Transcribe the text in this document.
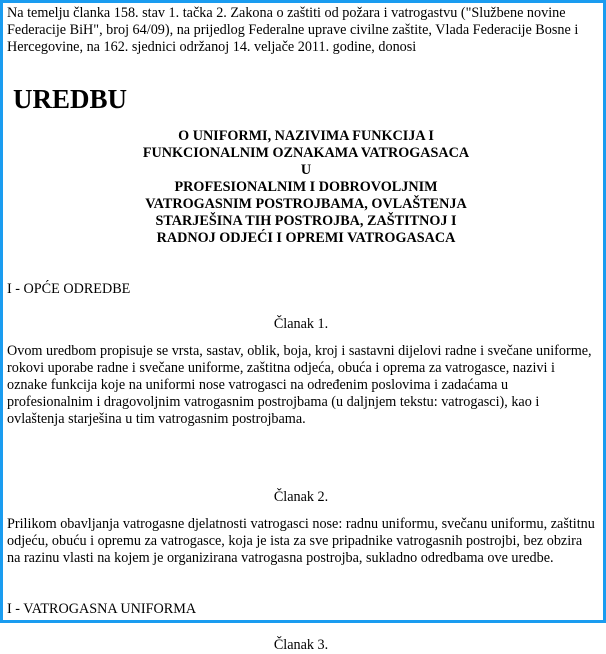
Na temelju članka 158. stav 1. tačka 2. Zakona o zaštiti od požara i vatrogastvu ("Službene novine Federacije BiH", broj 64/09), na prijedlog Federalne uprave civilne zaštite, Vlada Federacije Bosne i Hercegovine, na 162. sjednici održanoj 14. veljače 2011. godine, donosi

UREDBU
O UNIFORMI, NAZIVIMA FUNKCIJA I
FUNKCIONALNIM OZNAKAMA VATROGASACA U
PROFESIONALNIM I DOBROVOLJNIM
VATROGASNIM POSTROJBAMA, OVLAŠTENJA
STARJEŠINA TIH POSTROJBA, ZAŠTITNOJ I
RADNOJ ODJEĆI I OPREMI VATROGASACA

I - OPĆE ODREDBE

Članak 1.

Ovom uredbom propisuje se vrsta, sastav, oblik, boja, kroj i sastavni dijelovi radne i svečane uniforme, rokovi uporabe radne i svečane uniforme, zaštitna odjeća, obuća i oprema za vatrogasce, nazivi i oznake funkcija koje na uniformi nose vatrogasci na određenim poslovima i zadaćama u profesionalnim i dragovoljnim vatrogasnim postrojbama (u daljnjem tekstu: vatrogasci), kao i ovlaštenja starješina u tim vatrogasnim postrojbama.

Članak 2.

Prilikom obavljanja vatrogasne djelatnosti vatrogasci nose: radnu uniformu, svečanu uniformu, zaštitnu odjeću, obuću i opremu za vatrogasce, koja je ista za sve pripadnike vatrogasnih postrojbi, bez obzira na razinu vlasti na kojem je organizirana vatrogasna postrojba, sukladno odredbama ove uredbe.

I - VATROGASNA UNIFORMA

Članak 3.
